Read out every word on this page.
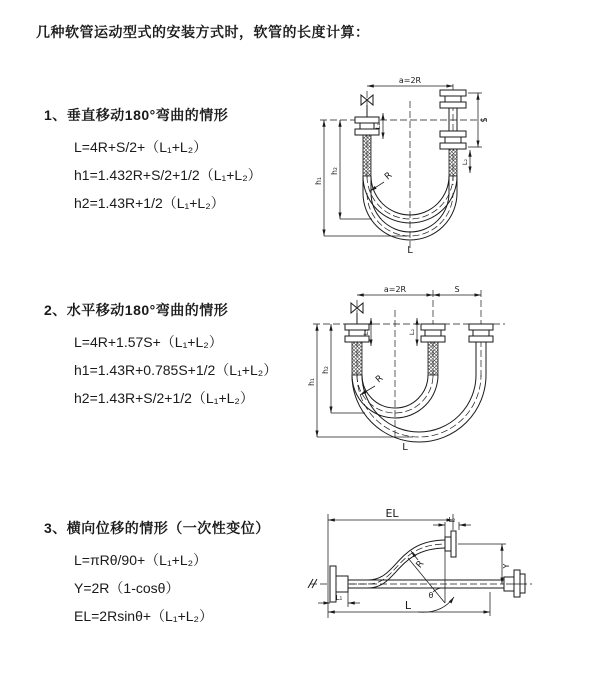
几种软管运动型式的安装方式时，软管的长度计算：
1、垂直移动180°弯曲的情形
L=4R+S/2+（L₁+L₂）
h1=1.432R+S/2+1/2（L₁+L₂）
h2=1.43R+1/2（L₁+L₂）
2、水平移动180°弯曲的情形
L=4R+1.57S+（L₁+L₂）
h1=1.43R+0.785S+1/2（L₁+L₂）
h2=1.43R+S/2+1/2（L₁+L₂）
3、横向位移的情形（一次性变位）
L=πRθ/90+（L₁+L₂）
Y=2R（1-cosθ）
EL=2Rsinθ+（L₁+L₂）
a=2R
R
h₁
h₂
L₁
S
L₂
L
a=2R	S
R
h₁
h₂
L₁	L₂
L
EL	L₂
R
θ
Y
L₁
L
